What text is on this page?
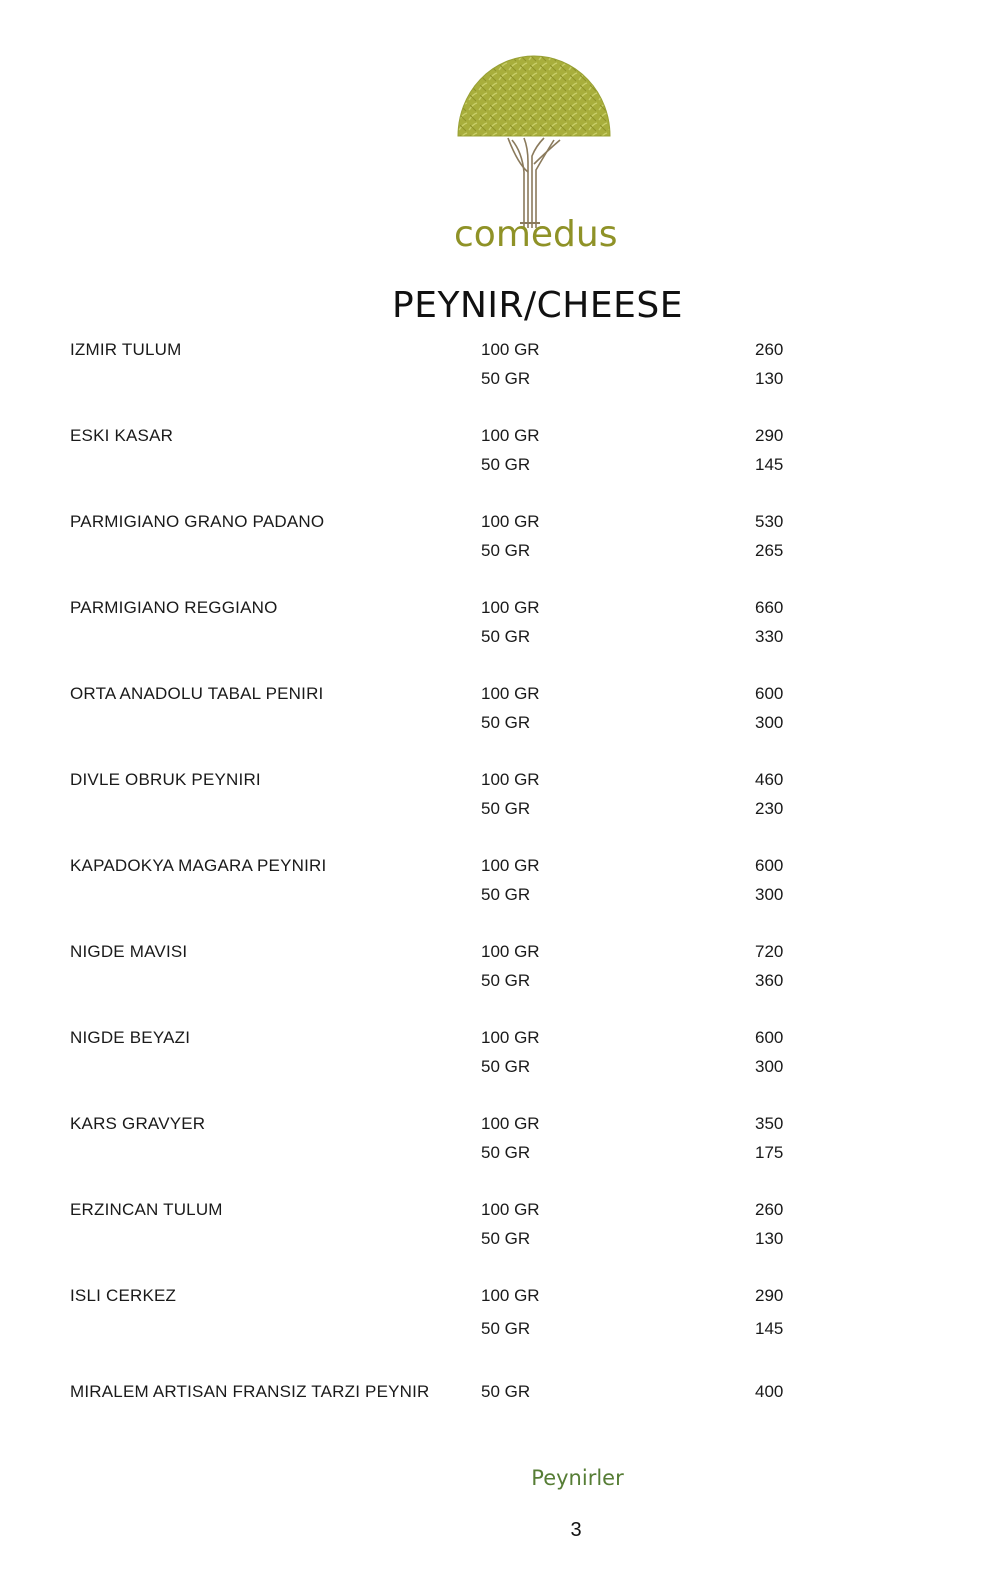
comedus
PEYNIR/CHEESE
IZMIR TULUM	100 GR	260
50 GR	130
ESKI KASAR	100 GR	290
50 GR	145
PARMIGIANO GRANO PADANO	100 GR	530
50 GR	265
PARMIGIANO REGGIANO	100 GR	660
50 GR	330
ORTA ANADOLU TABAL PENIRI	100 GR	600
50 GR	300
DIVLE OBRUK PEYNIRI	100 GR	460
50 GR	230
KAPADOKYA MAGARA PEYNIRI	100 GR	600
50 GR	300
NIGDE MAVISI	100 GR	720
50 GR	360
NIGDE BEYAZI	100 GR	600
50 GR	300
KARS GRAVYER	100 GR	350
50 GR	175
ERZINCAN TULUM	100 GR	260
50 GR	130
ISLI CERKEZ	100 GR	290
50 GR	145
MIRALEM ARTISAN FRANSIZ TARZI PEYNIR	50 GR	400
Peynirler
3
